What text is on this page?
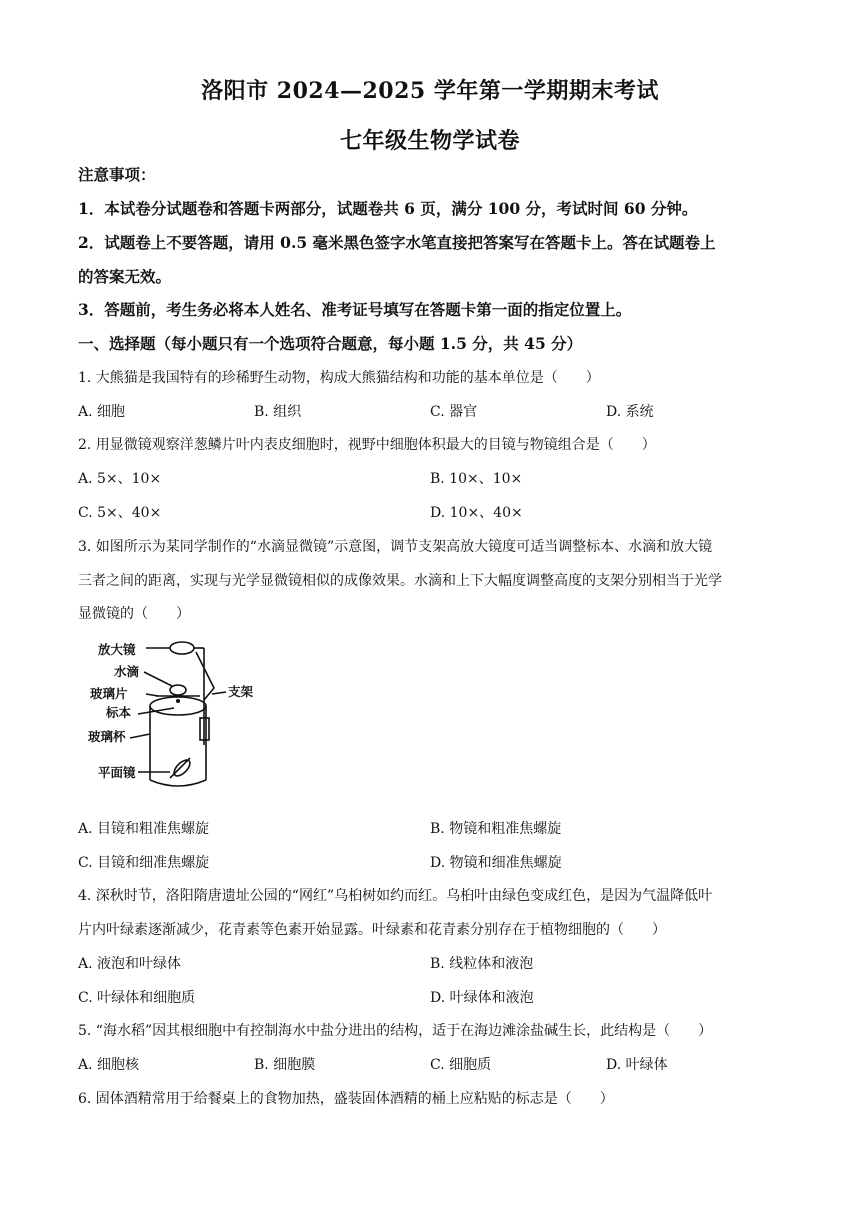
洛阳市 2024—2025 学年第一学期期末考试
七年级生物学试卷
注意事项：
1．本试卷分试题卷和答题卡两部分，试题卷共 6 页，满分 100 分，考试时间 60 分钟。
2．试题卷上不要答题，请用 0.5 毫米黑色签字水笔直接把答案写在答题卡上。答在试题卷上
的答案无效。
3．答题前，考生务必将本人姓名、准考证号填写在答题卡第一面的指定位置上。
一、选择题（每小题只有一个选项符合题意，每小题 1.5 分，共 45 分）
1. 大熊猫是我国特有的珍稀野生动物，构成大熊猫结构和功能的基本单位是（　　）
A. 细胞	B. 组织	C. 器官	D. 系统
2. 用显微镜观察洋葱鳞片叶内表皮细胞时，视野中细胞体积最大的目镜与物镜组合是（　　）
A. 5×、10×	B. 10×、10×
C. 5×、40×	D. 10×、40×
3. 如图所示为某同学制作的“水滴显微镜”示意图，调节支架高放大镜度可适当调整标本、水滴和放大镜
三者之间的距离，实现与光学显微镜相似的成像效果。水滴和上下大幅度调整高度的支架分别相当于光学
显微镜的（　　）
放大镜
水滴
玻璃片
标本
玻璃杯
平面镜
支架
A. 目镜和粗准焦螺旋	B. 物镜和粗准焦螺旋
C. 目镜和细准焦螺旋	D. 物镜和细准焦螺旋
4. 深秋时节，洛阳隋唐遗址公园的“网红”乌桕树如约而红。乌桕叶由绿色变成红色，是因为气温降低叶
片内叶绿素逐渐减少，花青素等色素开始显露。叶绿素和花青素分别存在于植物细胞的（　　）
A. 液泡和叶绿体	B. 线粒体和液泡
C. 叶绿体和细胞质	D. 叶绿体和液泡
5. “海水稻”因其根细胞中有控制海水中盐分进出的结构，适于在海边滩涂盐碱生长，此结构是（　　）
A. 细胞核	B. 细胞膜	C. 细胞质	D. 叶绿体
6. 固体酒精常用于给餐桌上的食物加热，盛装固体酒精的桶上应粘贴的标志是（　　）
